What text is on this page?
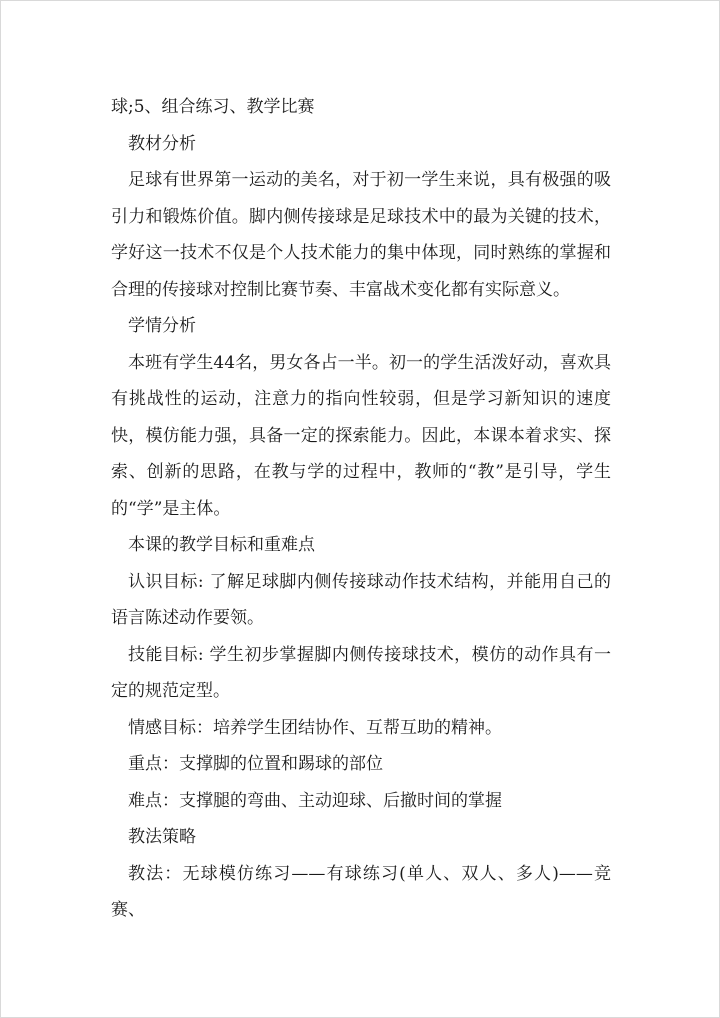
球;5、组合练习、教学比赛

教材分析

足球有世界第一运动的美名，对于初一学生来说，具有极强的吸引力和锻炼价值。脚内侧传接球是足球技术中的最为关键的技术，学好这一技术不仅是个人技术能力的集中体现，同时熟练的掌握和合理的传接球对控制比赛节奏、丰富战术变化都有实际意义。

学情分析

本班有学生44名，男女各占一半。初一的学生活泼好动，喜欢具有挑战性的运动，注意力的指向性较弱，但是学习新知识的速度快，模仿能力强，具备一定的探索能力。因此，本课本着求实、探索、创新的思路，在教与学的过程中，教师的“教”是引导，学生的“学”是主体。

本课的教学目标和重难点

认识目标: 了解足球脚内侧传接球动作技术结构，并能用自己的语言陈述动作要领。

技能目标: 学生初步掌握脚内侧传接球技术，模仿的动作具有一定的规范定型。

情感目标：培养学生团结协作、互帮互助的精神。

重点：支撑脚的位置和踢球的部位

难点：支撑腿的弯曲、主动迎球、后撤时间的掌握

教法策略

教法：无球模仿练习——有球练习(单人、双人、多人)——竞赛、
